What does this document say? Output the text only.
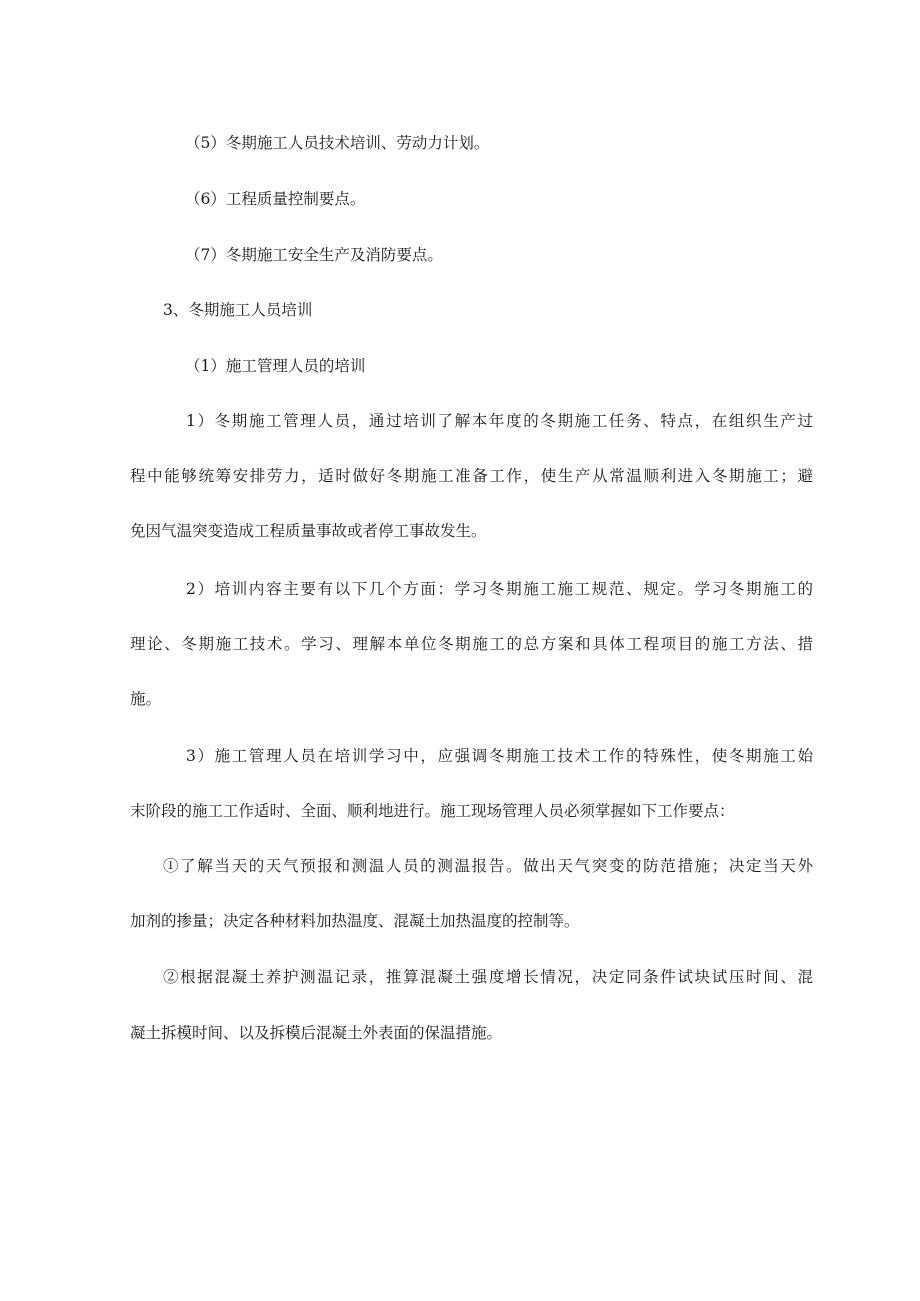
（5）冬期施工人员技术培训、劳动力计划。

（6）工程质量控制要点。

（7）冬期施工安全生产及消防要点。

3、冬期施工人员培训

（1）施工管理人员的培训

1）冬期施工管理人员，通过培训了解本年度的冬期施工任务、特点，在组织生产过

程中能够统筹安排劳力，适时做好冬期施工准备工作，使生产从常温顺利进入冬期施工；避

免因气温突变造成工程质量事故或者停工事故发生。

2）培训内容主要有以下几个方面：学习冬期施工施工规范、规定。学习冬期施工的

理论、冬期施工技术。学习、理解本单位冬期施工的总方案和具体工程项目的施工方法、措

施。

3）施工管理人员在培训学习中，应强调冬期施工技术工作的特殊性，使冬期施工始

末阶段的施工工作适时、全面、顺利地进行。施工现场管理人员必须掌握如下工作要点：

①了解当天的天气预报和测温人员的测温报告。做出天气突变的防范措施；决定当天外

加剂的掺量；决定各种材料加热温度、混凝土加热温度的控制等。

②根据混凝土养护测温记录，推算混凝土强度增长情况，决定同条件试块试压时间、混

凝土拆模时间、以及拆模后混凝土外表面的保温措施。
